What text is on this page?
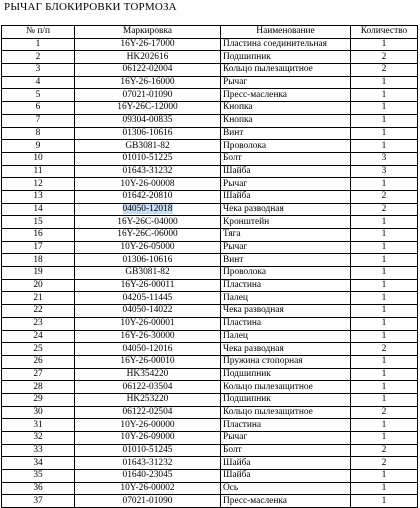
РЫЧАГ БЛОКИРОВКИ ТОРМОЗА
№ п/п	Маркировка	Наименование	Количество
1	16Y-26-17000	Пластина соединительная	1
2	HK202616	Подшипник	2
3	06122-02004	Кольцо пылезащитное	2
4	16Y-26-16000	Рычаг	1
5	07021-01090	Пресс-масленка	1
6	16Y-26C-12000	Кнопка	1
7	09304-00835	Кнопка	1
8	01306-10616	Винт	1
9	GB3081-82	Проволока	1
10	01010-51225	Болт	3
11	01643-31232	Шайба	3
12	10Y-26-00008	Рычаг	1
13	01642-20810	Шайба	2
14	04050-12018	Чека разводная	2
15	16Y-26C-04000	Кронштейн	1
16	16Y-26C-06000	Тяга	1
17	10Y-26-05000	Рычаг	1
18	01306-10616	Винт	1
19	GB3081-82	Проволока	1
20	16Y-26-00011	Пластина	1
21	04205-11445	Палец	1
22	04050-14022	Чека разводная	1
23	10Y-26-00001	Пластина	1
24	16Y-26-30000	Палец	1
25	04050-12016	Чека разводная	2
26	16Y-26-00010	Пружина стопорная	1
27	HK354220	Подшипник	1
28	06122-03504	Кольцо пылезащитное	1
29	HK253220	Подшипник	1
30	06122-02504	Кольцо пылезащитное	2
31	10Y-26-00000	Пластина	1
32	10Y-26-09000	Рычаг	1
33	01010-51245	Болт	2
34	01643-31232	Шайба	2
35	01640-23045	Шайба	1
36	10Y-26-00002	Ось	1
37	07021-01090	Пресс-масленка	1
